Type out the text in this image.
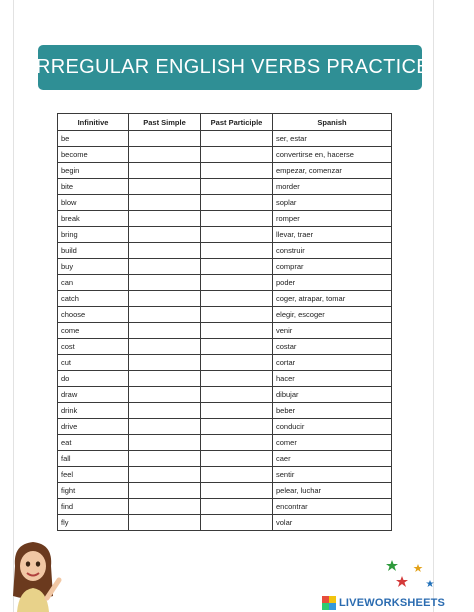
IRREGULAR ENGLISH VERBS PRACTICE
Infinitive	Past Simple	Past Participle	Spanish
be			ser, estar
become			convertirse en, hacerse
begin			empezar, comenzar
bite			morder
blow			soplar
break			romper
bring			llevar, traer
build			construir
buy			comprar
can			poder
catch			coger, atrapar, tomar
choose			elegir, escoger
come			venir
cost			costar
cut			cortar
do			hacer
draw			dibujar
drink			beber
drive			conducir
eat			comer
fall			caer
feel			sentir
fight			pelear, luchar
find			encontrar
fly			volar
LIVEWORKSHEETS
